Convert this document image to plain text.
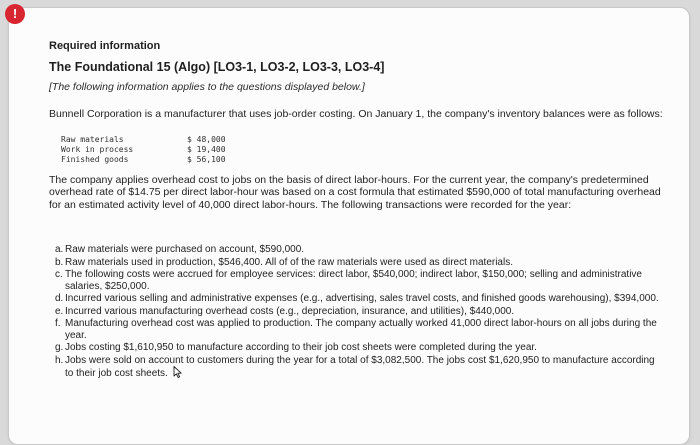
!

Required information

The Foundational 15 (Algo) [LO3-1, LO3-2, LO3-3, LO3-4]

[The following information applies to the questions displayed below.]

Bunnell Corporation is a manufacturer that uses job-order costing. On January 1, the company's inventory balances were as follows:

Raw materials	$ 48,000
Work in process	$ 19,400
Finished goods	$ 56,100

The company applies overhead cost to jobs on the basis of direct labor-hours. For the current year, the company's predetermined overhead rate of $14.75 per direct labor-hour was based on a cost formula that estimated $590,000 of total manufacturing overhead for an estimated activity level of 40,000 direct labor-hours. The following transactions were recorded for the year:

a. Raw materials were purchased on account, $590,000.
b. Raw materials used in production, $546,400. All of of the raw materials were used as direct materials.
c. The following costs were accrued for employee services: direct labor, $540,000; indirect labor, $150,000; selling and administrative salaries, $250,000.
d. Incurred various selling and administrative expenses (e.g., advertising, sales travel costs, and finished goods warehousing), $394,000.
e. Incurred various manufacturing overhead costs (e.g., depreciation, insurance, and utilities), $440,000.
f. Manufacturing overhead cost was applied to production. The company actually worked 41,000 direct labor-hours on all jobs during the year.
g. Jobs costing $1,610,950 to manufacture according to their job cost sheets were completed during the year.
h. Jobs were sold on account to customers during the year for a total of $3,082,500. The jobs cost $1,620,950 to manufacture according to their job cost sheets.
